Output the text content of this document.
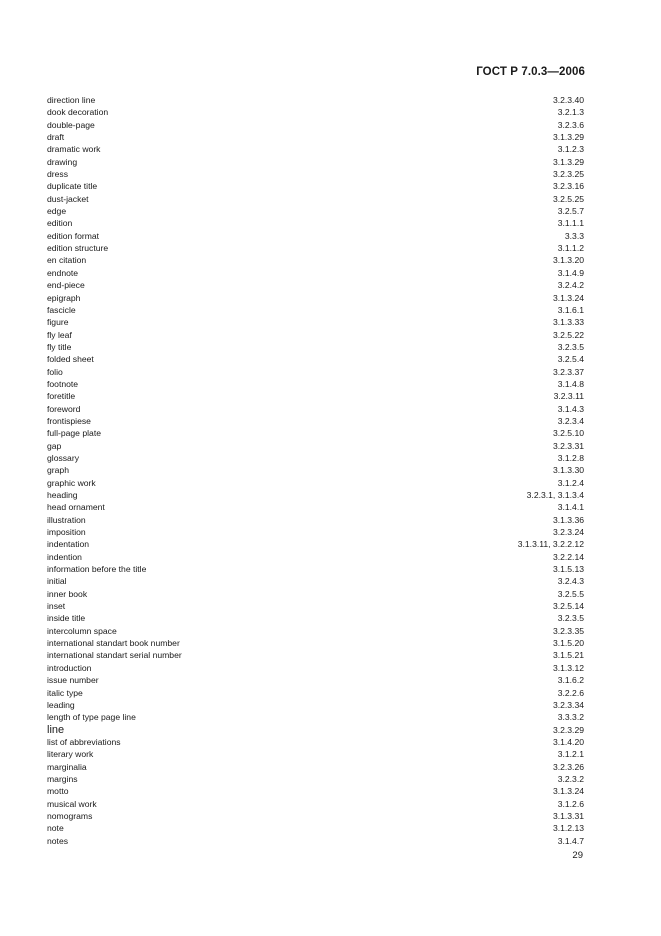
ГОСТ Р 7.0.3—2006
direction line	3.2.3.40
dook decoration	3.2.1.3
double-page	3.2.3.6
draft	3.1.3.29
dramatic work	3.1.2.3
drawing	3.1.3.29
dress	3.2.3.25
duplicate title	3.2.3.16
dust-jacket	3.2.5.25
edge	3.2.5.7
edition	3.1.1.1
edition format	3.3.3
edition structure	3.1.1.2
en citation	3.1.3.20
endnote	3.1.4.9
end-piece	3.2.4.2
epigraph	3.1.3.24
fascicle	3.1.6.1
figure	3.1.3.33
fly leaf	3.2.5.22
fly title	3.2.3.5
folded sheet	3.2.5.4
folio	3.2.3.37
footnote	3.1.4.8
foretitle	3.2.3.11
foreword	3.1.4.3
frontispiese	3.2.3.4
full-page plate	3.2.5.10
gap	3.2.3.31
glossary	3.1.2.8
graph	3.1.3.30
graphic work	3.1.2.4
heading	3.2.3.1, 3.1.3.4
head ornament	3.1.4.1
illustration	3.1.3.36
imposition	3.2.3.24
indentation	3.1.3.11, 3.2.2.12
indention	3.2.2.14
information before the title	3.1.5.13
initial	3.2.4.3
inner book	3.2.5.5
inset	3.2.5.14
inside title	3.2.3.5
intercolumn space	3.2.3.35
international standart book number	3.1.5.20
international standart serial number	3.1.5.21
introduction	3.1.3.12
issue number	3.1.6.2
italic type	3.2.2.6
leading	3.2.3.34
length of type page line	3.3.3.2
line	3.2.3.29
list of abbreviations	3.1.4.20
literary work	3.1.2.1
marginalia	3.2.3.26
margins	3.2.3.2
motto	3.1.3.24
musical work	3.1.2.6
nomograms	3.1.3.31
note	3.1.2.13
notes	3.1.4.7
29
